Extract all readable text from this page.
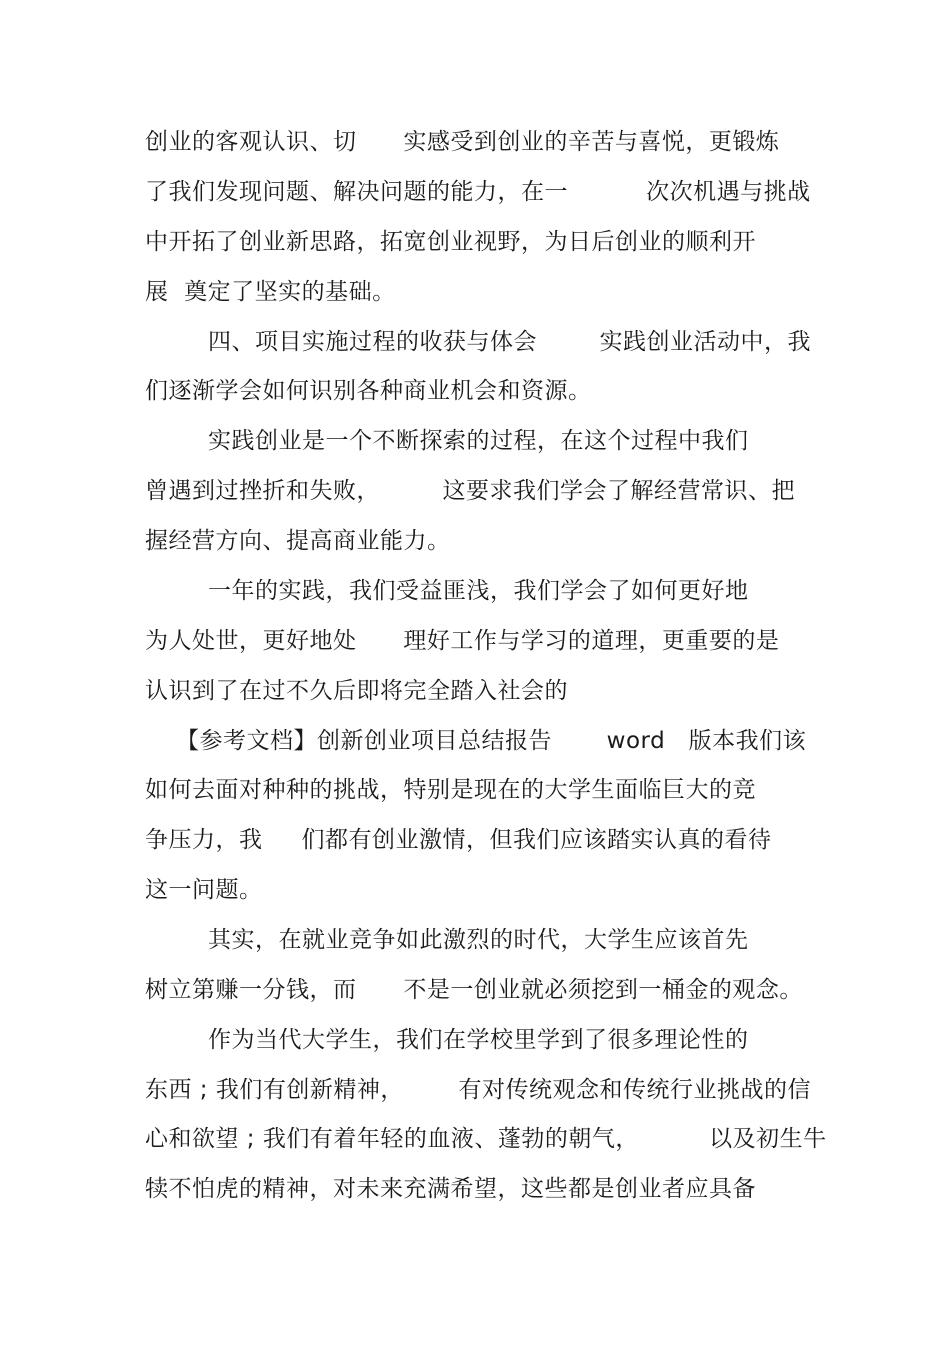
创业的客观认识、切      实感受到创业的辛苦与喜悦，更锻炼
了我们发现问题、解决问题的能力，在一          次次机遇与挑战
中开拓了创业新思路，拓宽创业视野，为日后创业的顺利开
展  奠定了坚实的基础。
四、项目实施过程的收获与体会        实践创业活动中，我
们逐渐学会如何识别各种商业机会和资源。
实践创业是一个不断探索的过程，在这个过程中我们
曾遇到过挫折和失败，        这要求我们学会了解经营常识、把
握经营方向、提高商业能力。
一年的实践，我们受益匪浅，我们学会了如何更好地
为人处世，更好地处      理好工作与学习的道理，更重要的是
认识到了在过不久后即将完全踏入社会的
【参考文档】创新创业项目总结报告       word   版本我们该
如何去面对种种的挑战，特别是现在的大学生面临巨大的竞
争压力，我     们都有创业激情，但我们应该踏实认真的看待
这一问题。
其实，在就业竞争如此激烈的时代，大学生应该首先
树立第赚一分钱，而      不是一创业就必须挖到一桶金的观念。
作为当代大学生，我们在学校里学到了很多理论性的
东西 ; 我们有创新精神，       有对传统观念和传统行业挑战的信
心和欲望 ; 我们有着年轻的血液、蓬勃的朝气，         以及初生牛
犊不怕虎的精神，对未来充满希望，这些都是创业者应具备
